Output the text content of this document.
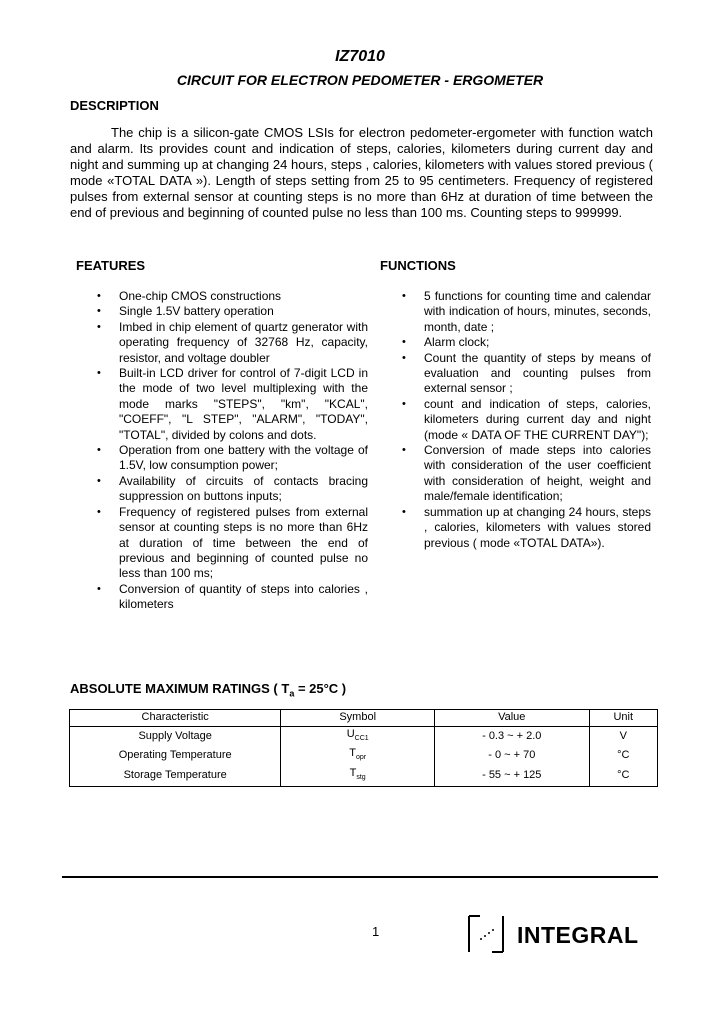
IZ7010
CIRCUIT FOR ELECTRON PEDOMETER - ERGOMETER
DESCRIPTION
The chip is a silicon-gate CMOS LSIs for electron pedometer-ergometer with function watch and alarm. Its provides count and indication of steps, calories, kilometers during current day and night and summing up at changing 24 hours, steps , calories, kilometers with values stored previous ( mode «TOTAL DATA »). Length of steps setting from 25 to 95 centimeters. Frequency of registered pulses from external sensor at counting steps is no more than 6Hz at duration of time between the end of previous and beginning of counted pulse no less than 100 ms. Counting steps to 999999.
FEATURES
• One-chip CMOS constructions
• Single 1.5V battery operation
• Imbed in chip element of quartz generator with operating frequency of 32768 Hz, capacity, resistor, and voltage doubler
• Built-in LCD driver for control of 7-digit LCD in the mode of two level multiplexing with the mode marks "STEPS", "km", "KCAL", "COEFF", "L STEP", "ALARM", "TODAY", "TOTAL", divided by colons and dots.
• Operation from one battery with the voltage of 1.5V, low consumption power;
• Availability of circuits of contacts bracing suppression on buttons inputs;
• Frequency of registered pulses from external sensor at counting steps is no more than 6Hz at duration of time between the end of previous and beginning of counted pulse no less than 100 ms;
• Conversion of quantity of steps into calories , kilometers
FUNCTIONS
• 5 functions for counting time and calendar with indication of hours, minutes, seconds, month, date ;
• Alarm clock;
• Count the quantity of steps by means of evaluation and counting pulses from external sensor ;
• count and indication of steps, calories, kilometers during current day and night (mode « DATA OF THE CURRENT DAY");
• Conversion of made steps into calories with consideration of the user coefficient with consideration of height, weight and male/female identification;
• summation up at changing 24 hours, steps , calories, kilometers with values stored previous ( mode «TOTAL DATA»).
ABSOLUTE MAXIMUM RATINGS ( $T_a = 25^\circ C$ )
Characteristic	Symbol	Value	Unit
Supply Voltage	$U_{CC1}$	- 0.3 ~ + 2.0	V
Operating Temperature	$T_{opr}$	- 0 ~ + 70	°C
Storage Temperature	$T_{stg}$	- 55 ~ + 125	°C
1	INTEGRAL
